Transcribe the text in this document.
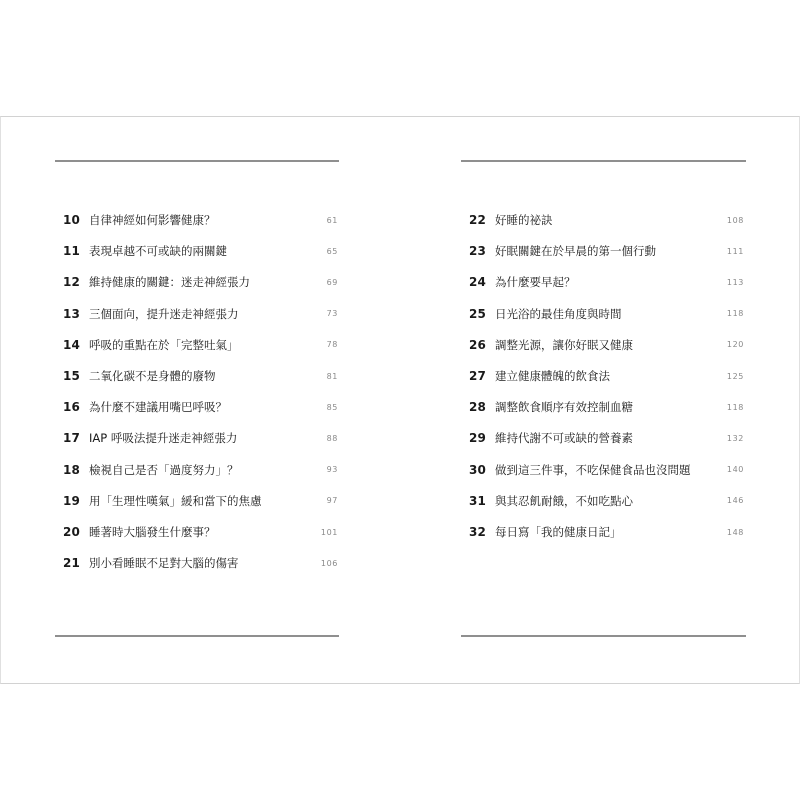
10 自律神經如何影響健康？	61
11 表現卓越不可或缺的兩關鍵	65
12 維持健康的關鍵：迷走神經張力	69
13 三個面向，提升迷走神經張力	73
14 呼吸的重點在於「完整吐氣」	78
15 二氧化碳不是身體的廢物	81
16 為什麼不建議用嘴巴呼吸？	85
17 IAP 呼吸法提升迷走神經張力	88
18 檢視自己是否「過度努力」？	93
19 用「生理性嘆氣」緩和當下的焦慮	97
20 睡著時大腦發生什麼事？	101
21 別小看睡眠不足對大腦的傷害	106
22 好睡的祕訣	108
23 好眠關鍵在於早晨的第一個行動	111
24 為什麼要早起？	113
25 日光浴的最佳角度與時間	118
26 調整光源，讓你好眠又健康	120
27 建立健康體魄的飲食法	125
28 調整飲食順序有效控制血糖	118
29 維持代謝不可或缺的營養素	132
30 做到這三件事，不吃保健食品也沒問題	140
31 與其忍飢耐餓，不如吃點心	146
32 每日寫「我的健康日記」	148
